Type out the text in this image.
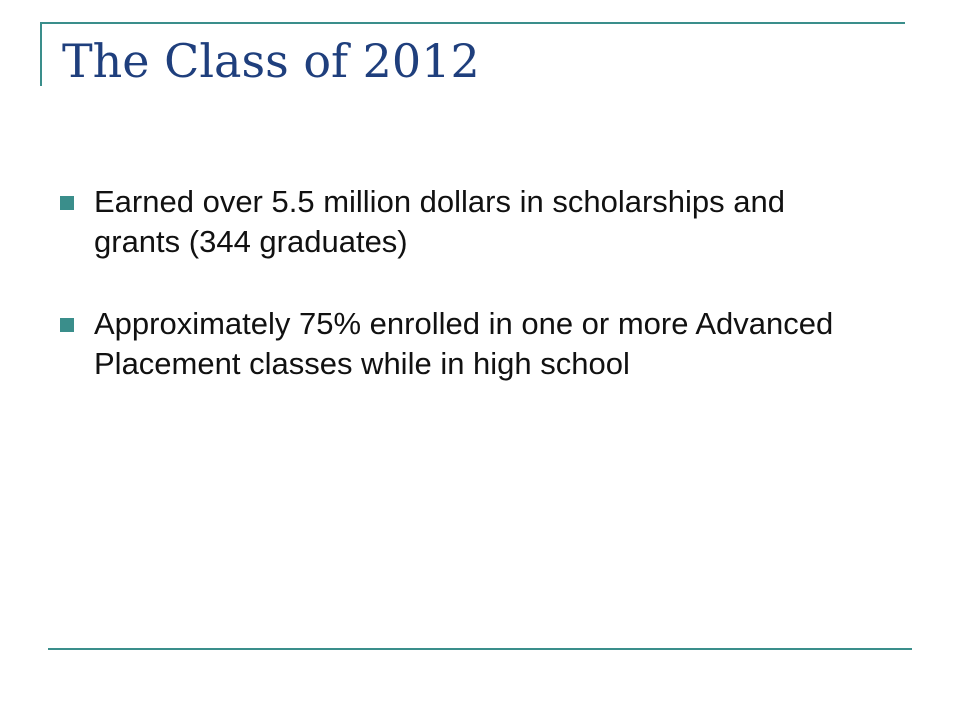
The Class of 2012
Earned over 5.5 million dollars in scholarships and grants (344 graduates)
Approximately 75% enrolled in one or more Advanced Placement classes while in high school
